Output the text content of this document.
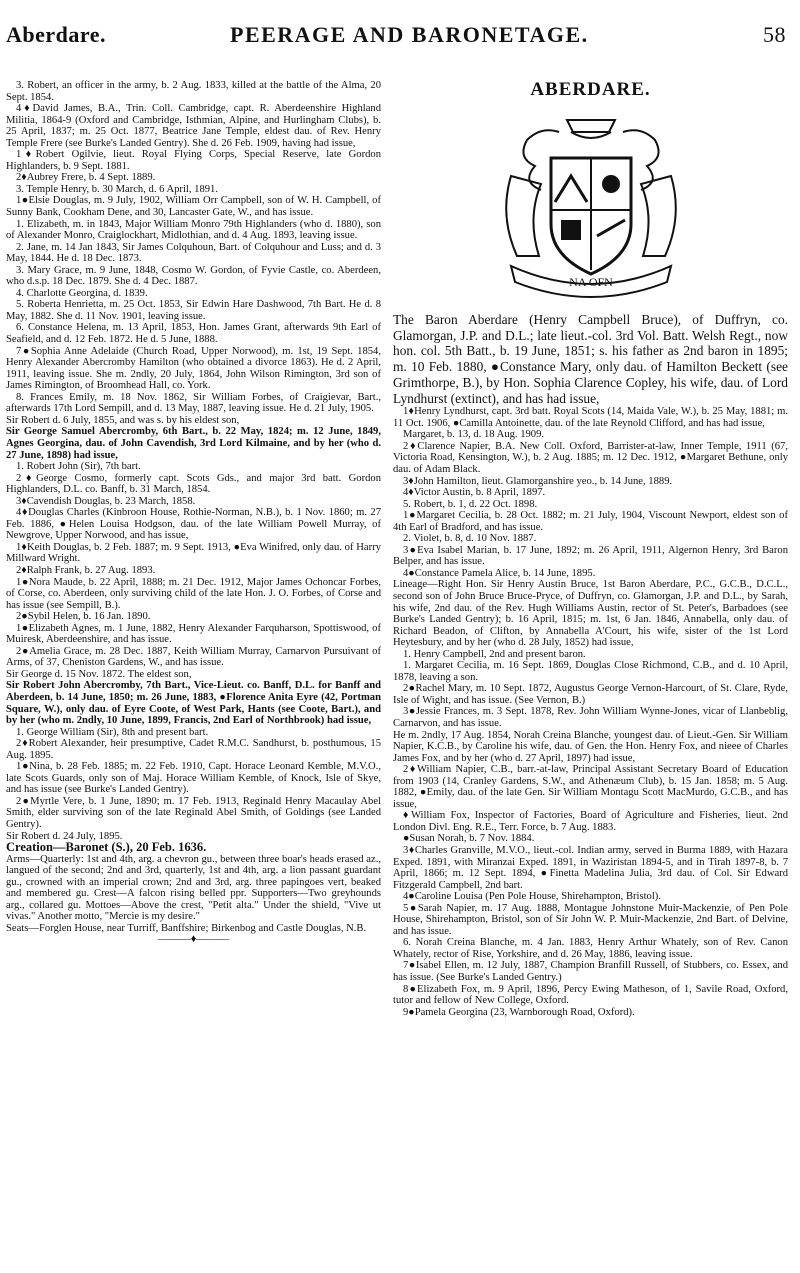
Aberdare.	PEERAGE AND BARONETAGE.	58

3. Robert, an officer in the army, b. 2 Aug. 1833, killed at the battle of the Alma, 20 Sept. 1854.

4♦David James, B.A., Trin. Coll. Cambridge, capt. R. Aberdeenshire Highland Militia, 1864-9 (Oxford and Cambridge, Isthmian, Alpine, and Hurlingham Clubs), b. 25 April, 1837; m. 25 Oct. 1877, Beatrice Jane Temple, eldest dau. of Rev. Henry Temple Frere (see Burke's Landed Gentry). She d. 26 Feb. 1909, having had issue,

1♦Robert Ogilvie, lieut. Royal Flying Corps, Special Reserve, late Gordon Highlanders, b. 9 Sept. 1881.

2♦Aubrey Frere, b. 4 Sept. 1889.

3. Temple Henry, b. 30 March, d. 6 April, 1891.

1●Elsie Douglas, m. 9 July, 1902, William Orr Campbell, son of W. H. Campbell, of Sunny Bank, Cookham Dene, and 30, Lancaster Gate, W., and has issue.

1. Elizabeth, m. in 1843, Major William Monro 79th Highlanders (who d. 1880), son of Alexander Monro, Craiglockhart, Midlothian, and d. 4 Aug. 1893, leaving issue.

2. Jane, m. 14 Jan 1843, Sir James Colquhoun, Bart. of Colquhour and Luss; and d. 3 May, 1844. He d. 18 Dec. 1873.

3. Mary Grace, m. 9 June, 1848, Cosmo W. Gordon, of Fyvie Castle, co. Aberdeen, who d.s.p. 18 Dec. 1879. She d. 4 Dec. 1887.

4. Charlotte Georgina, d. 1839.

5. Roberta Henrietta, m. 25 Oct. 1853, Sir Edwin Hare Dashwood, 7th Bart. He d. 8 May, 1882. She d. 11 Nov. 1901, leaving issue.

6. Constance Helena, m. 13 April, 1853, Hon. James Grant, afterwards 9th Earl of Seafield, and d. 12 Feb. 1872. He d. 5 June, 1888.

7●Sophia Anne Adelaide (Church Road, Upper Norwood), m. 1st, 19 Sept. 1854, Henry Alexander Abercromby Hamilton (who obtained a divorce 1863). He d. 2 April, 1911, leaving issue. She m. 2ndly, 20 July, 1864, John Wilson Rimington, 3rd son of James Rimington, of Broomhead Hall, co. York.

8. Frances Emily, m. 18 Nov. 1862, Sir William Forbes, of Craigievar, Bart., afterwards 17th Lord Sempill, and d. 13 May, 1887, leaving issue. He d. 21 July, 1905.

Sir Robert d. 6 July, 1855, and was s. by his eldest son,

Sir George Samuel Abercromby, 6th Bart., b. 22 May, 1824; m. 12 June, 1849, Agnes Georgina, dau. of John Cavendish, 3rd Lord Kilmaine, and by her (who d. 27 June, 1898) had issue,

1. Robert John (Sir), 7th bart.

2♦George Cosmo, formerly capt. Scots Gds., and major 3rd batt. Gordon Highlanders, D.L. co. Banff, b. 31 March, 1854.

3♦Cavendish Douglas, b. 23 March, 1858.

4♦Douglas Charles (Kinbroon House, Rothie-Norman, N.B.), b. 1 Nov. 1860; m. 27 Feb. 1886, ●Helen Louisa Hodgson, dau. of the late William Powell Murray, of Newgrove, Upper Norwood, and has issue,

1♦Keith Douglas, b. 2 Feb. 1887; m. 9 Sept. 1913, ●Eva Winifred, only dau. of Harry Millward Wright.

2♦Ralph Frank, b. 27 Aug. 1893.

1●Nora Maude, b. 22 April, 1888; m. 21 Dec. 1912, Major James Ochoncar Forbes, of Corse, co. Aberdeen, only surviving child of the late Hon. J. O. Forbes, of Corse and has issue (see Sempill, B.).

2●Sybil Helen, b. 16 Jan. 1890.

1●Elizabeth Agnes, m. 1 June, 1882, Henry Alexander Farquharson, Spottiswood, of Muiresk, Aberdeenshire, and has issue.

2●Amelia Grace, m. 28 Dec. 1887, Keith William Murray, Carnarvon Pursuivant of Arms, of 37, Cheniston Gardens, W., and has issue.

Sir George d. 15 Nov. 1872. The eldest son,

Sir Robert John Abercromby, 7th Bart., Vice-Lieut. co. Banff, D.L. for Banff and Aberdeen, b. 14 June, 1850; m. 26 June, 1883, ●Florence Anita Eyre (42, Portman Square, W.), only dau. of Eyre Coote, of West Park, Hants (see Coote, Bart.), and by her (who m. 2ndly, 10 June, 1899, Francis, 2nd Earl of Northbrook) had issue,

1. George William (Sir), 8th and present bart.

2♦Robert Alexander, heir presumptive, Cadet R.M.C. Sandhurst, b. posthumous, 15 Aug. 1895.

1●Nina, b. 28 Feb. 1885; m. 22 Feb. 1910, Capt. Horace Leonard Kemble, M.V.O., late Scots Guards, only son of Maj. Horace William Kemble, of Knock, Isle of Skye, and has issue (see Burke's Landed Gentry).

2●Myrtle Vere, b. 1 June, 1890; m. 17 Feb. 1913, Reginald Henry Macaulay Abel Smith, elder surviving son of the late Reginald Abel Smith, of Goldings (see Landed Gentry).

Sir Robert d. 24 July, 1895.

Creation—Baronet (S.), 20 Feb. 1636.

Arms—Quarterly: 1st and 4th, arg. a chevron gu., between three boar's heads erased az., langued of the second; 2nd and 3rd, quarterly, 1st and 4th, arg. a lion passant guardant gu., crowned with an imperial crown; 2nd and 3rd, arg. three papingoes vert, beaked and membered gu. Crest—A falcon rising belled ppr. Supporters—Two greyhounds arg., collared gu. Mottoes—Above the crest, "Petit alta." Under the shield, "Vive ut vivas." Another motto, "Mercie is my desire."

Seats—Forglen House, near Turriff, Banffshire; Birkenbog and Castle Douglas, N.B.

———♦———

ABERDARE.
NA OFN

The Baron Aberdare (Henry Campbell Bruce), of Duffryn, co. Glamorgan, J.P. and D.L.; late lieut.-col. 3rd Vol. Batt. Welsh Regt., now hon. col. 5th Batt., b. 19 June, 1851; s. his father as 2nd baron in 1895; m. 10 Feb. 1880, ●Constance Mary, only dau. of Hamilton Beckett (see Grimthorpe, B.), by Hon. Sophia Clarence Copley, his wife, dau. of Lord Lyndhurst (extinct), and has had issue,

1♦Henry Lyndhurst, capt. 3rd batt. Royal Scots (14, Maida Vale, W.), b. 25 May, 1881; m. 11 Oct. 1906, ●Camilla Antoinette, dau. of the late Reynold Clifford, and has had issue,

Margaret, b. 13, d. 18 Aug. 1909.

2♦Clarence Napier, B.A. New Coll. Oxford, Barrister-at-law, Inner Temple, 1911 (67, Victoria Road, Kensington, W.), b. 2 Aug. 1885; m. 12 Dec. 1912, ●Margaret Bethune, only dau. of Adam Black.

3♦John Hamilton, lieut. Glamorganshire yeo., b. 14 June, 1889.

4♦Victor Austin, b. 8 April, 1897.

5. Robert, b. 1, d. 22 Oct. 1898.

1●Margaret Cecilia, b. 28 Oct. 1882; m. 21 July, 1904, Viscount Newport, eldest son of 4th Earl of Bradford, and has issue.

2. Violet, b. 8, d. 10 Nov. 1887.

3●Eva Isabel Marian, b. 17 June, 1892; m. 26 April, 1911, Algernon Henry, 3rd Baron Belper, and has issue.

4●Constance Pamela Alice, b. 14 June, 1895.

Lineage—Right Hon. Sir Henry Austin Bruce, 1st Baron Aberdare, P.C., G.C.B., D.C.L., second son of John Bruce Bruce-Pryce, of Duffryn, co. Glamorgan, J.P. and D.L., by Sarah, his wife, 2nd dau. of the Rev. Hugh Williams Austin, rector of St. Peter's, Barbadoes (see Burke's Landed Gentry); b. 16 April, 1815; m. 1st, 6 Jan. 1846, Annabella, only dau. of Richard Beadon, of Clifton, by Annabella A'Court, his wife, sister of the 1st Lord Heytesbury, and by her (who d. 28 July, 1852) had issue,

1. Henry Campbell, 2nd and present baron.

1. Margaret Cecilia, m. 16 Sept. 1869, Douglas Close Richmond, C.B., and d. 10 April, 1878, leaving a son.

2●Rachel Mary, m. 10 Sept. 1872, Augustus George Vernon-Harcourt, of St. Clare, Ryde, Isle of Wight, and has issue. (See Vernon, B.)

3●Jessie Frances, m. 3 Sept. 1878, Rev. John William Wynne-Jones, vicar of Llanbeblig, Carnarvon, and has issue.

He m. 2ndly, 17 Aug. 1854, Norah Creina Blanche, youngest dau. of Lieut.-Gen. Sir William Napier, K.C.B., by Caroline his wife, dau. of Gen. the Hon. Henry Fox, and nieee of Charles James Fox, and by her (who d. 27 April, 1897) had issue,

2♦William Napier, C.B., barr.-at-law, Principal Assistant Secretary Board of Education from 1903 (14, Cranley Gardens, S.W., and Athenæum Club), b. 15 Jan. 1858; m. 5 Aug. 1882, ●Emily, dau. of the late Gen. Sir William Montagu Scott MacMurdo, G.C.B., and has issue,

♦William Fox, Inspector of Factories, Board of Agriculture and Fisheries, lieut. 2nd London Divl. Eng. R.E., Terr. Force, b. 7 Aug. 1883.

●Susan Norah, b. 7 Nov. 1884.

3♦Charles Granville, M.V.O., lieut.-col. Indian army, served in Burma 1889, with Hazara Exped. 1891, with Miranzai Exped. 1891, in Waziristan 1894-5, and in Tirah 1897-8, b. 7 April, 1866; m. 12 Sept. 1894, ●Finetta Madelina Julia, 3rd dau. of Col. Sir Edward Fitzgerald Campbell, 2nd bart.

4●Caroline Louisa (Pen Pole House, Shirehampton, Bristol).

5●Sarah Napier, m. 17 Aug. 1888, Montague Johnstone Muir-Mackenzie, of Pen Pole House, Shirehampton, Bristol, son of Sir John W. P. Muir-Mackenzie, 2nd Bart. of Delvine, and has issue.

6. Norah Creina Blanche, m. 4 Jan. 1883, Henry Arthur Whately, son of Rev. Canon Whately, rector of Rise, Yorkshire, and d. 26 May, 1886, leaving issue.

7●Isabel Ellen, m. 12 July, 1887, Champion Branfill Russell, of Stubbers, co. Essex, and has issue. (See Burke's Landed Gentry.)

8●Elizabeth Fox, m. 9 April, 1896, Percy Ewing Matheson, of 1, Savile Road, Oxford, tutor and fellow of New College, Oxford.

9●Pamela Georgina (23, Warnborough Road, Oxford).
